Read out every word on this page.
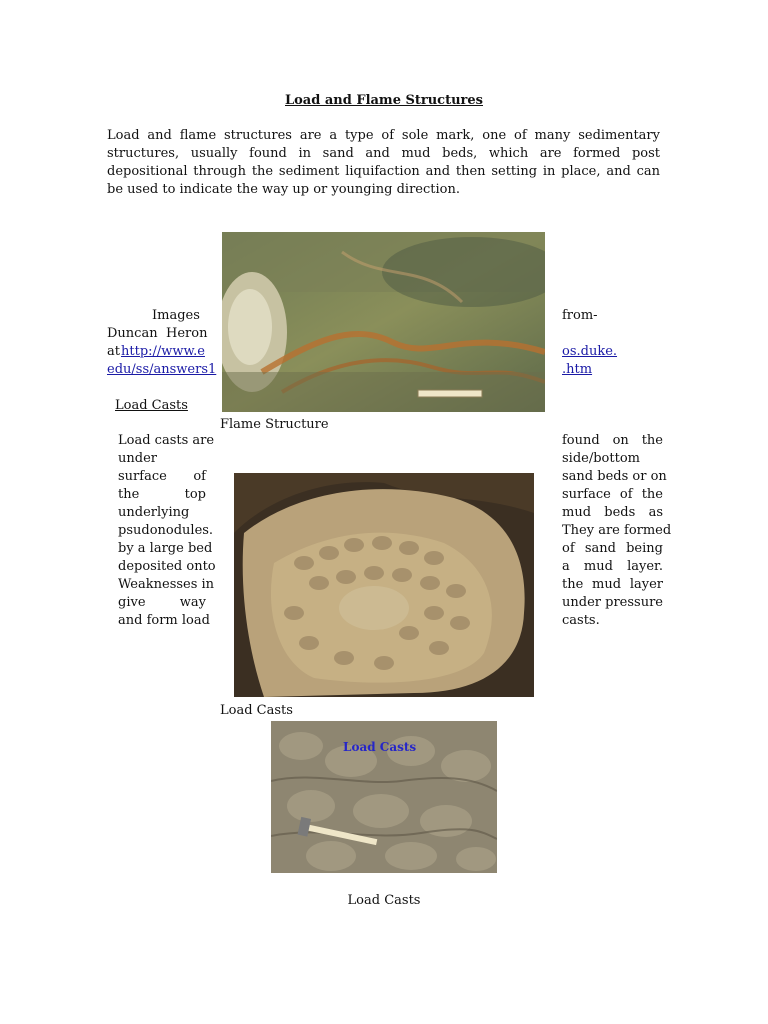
Load and Flame Structures
Load and flame structures are a type of sole mark, one of many sedimentary structures, usually found in sand and mud beds, which are formed post depositional through the sediment liquifaction and then setting in place, and can be used to indicate the way up or younging direction.
Images	from-
Duncan Heron
at http://www.e
edu/ss/answers1
os.duke.
.htm
Load Casts
Flame Structure
Load casts are
under
surface of
the	top
underlying
psudonodules.
by a large bed
deposited onto
Weaknesses in
give	way
and form load
found on the
side/bottom
sand beds or on
surface of the
mud beds as
They are formed
of sand being
a mud layer.
the mud layer
under pressure
casts.
Load Casts
Load Casts
Load Casts
